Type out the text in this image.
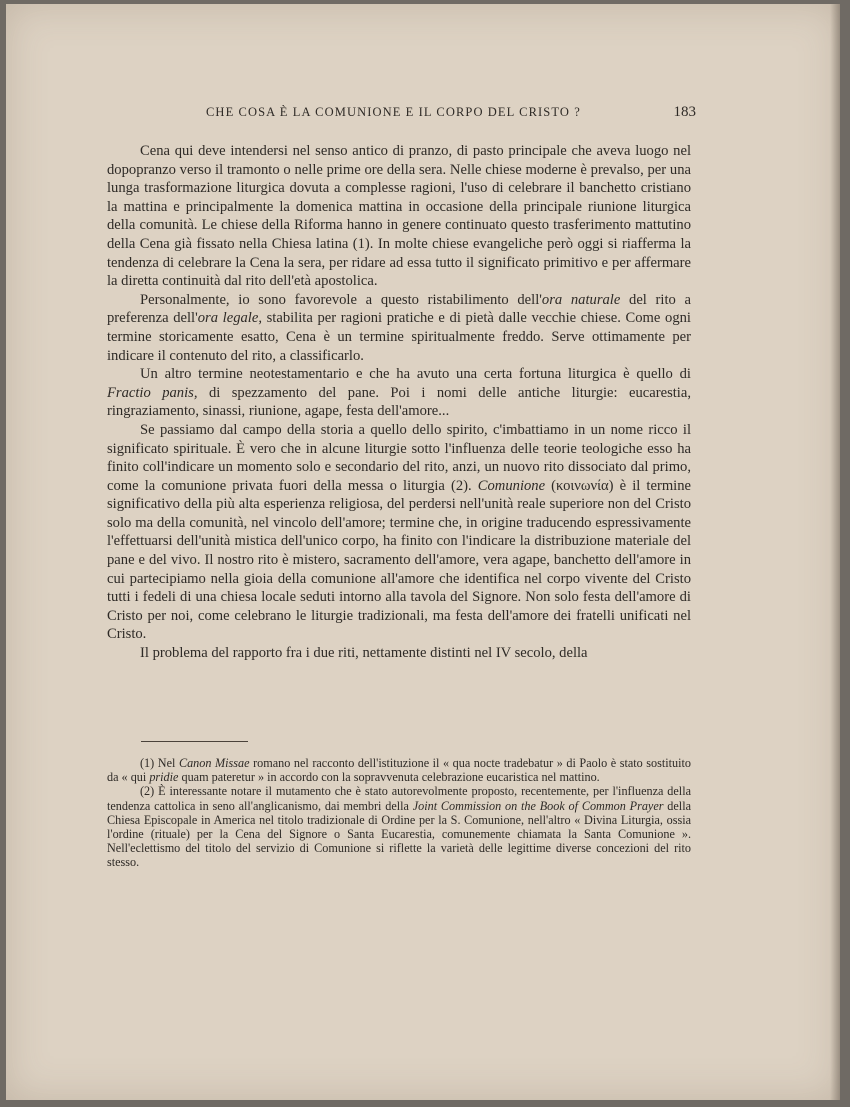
CHE COSA È LA COMUNIONE E IL CORPO DEL CRISTO ?	183

Cena qui deve intendersi nel senso antico di pranzo, di pasto principale che aveva luogo nel dopopranzo verso il tramonto o nelle prime ore della sera. Nelle chiese moderne è prevalso, per una lunga trasformazione liturgica dovuta a complesse ragioni, l'uso di celebrare il banchetto cristiano la mattina e principalmente la domenica mattina in occasione della principale riunione liturgica della comunità. Le chiese della Riforma hanno in genere continuato questo trasferimento mattutino della Cena già fissato nella Chiesa latina (1). In molte chiese evangeliche però oggi si riafferma la tendenza di celebrare la Cena la sera, per ridare ad essa tutto il significato primitivo e per affermare la diretta continuità dal rito dell'età apostolica.

Personalmente, io sono favorevole a questo ristabilimento dell'ora naturale del rito a preferenza dell'ora legale, stabilita per ragioni pratiche e di pietà dalle vecchie chiese. Come ogni termine storicamente esatto, Cena è un termine spiritualmente freddo. Serve ottimamente per indicare il contenuto del rito, a classificarlo.

Un altro termine neotestamentario e che ha avuto una certa fortuna liturgica è quello di Fractio panis, di spezzamento del pane. Poi i nomi delle antiche liturgie: eucarestia, ringraziamento, sinassi, riunione, agape, festa dell'amore...

Se passiamo dal campo della storia a quello dello spirito, c'imbattiamo in un nome ricco il significato spirituale. È vero che in alcune liturgie sotto l'influenza delle teorie teologiche esso ha finito coll'indicare un momento solo e secondario del rito, anzi, un nuovo rito dissociato dal primo, come la comunione privata fuori della messa o liturgia (2). Comunione (κοινωνία) è il termine significativo della più alta esperienza religiosa, del perdersi nell'unità reale superiore non del Cristo solo ma della comunità, nel vincolo dell'amore; termine che, in origine traducendo espressivamente l'effettuarsi dell'unità mistica dell'unico corpo, ha finito con l'indicare la distribuzione materiale del pane e del vivo. Il nostro rito è mistero, sacramento dell'amore, vera agape, banchetto dell'amore in cui partecipiamo nella gioia della comunione all'amore che identifica nel corpo vivente del Cristo tutti i fedeli di una chiesa locale seduti intorno alla tavola del Signore. Non solo festa dell'amore di Cristo per noi, come celebrano le liturgie tradizionali, ma festa dell'amore dei fratelli unificati nel Cristo.

Il problema del rapporto fra i due riti, nettamente distinti nel IV secolo, della

(1) Nel Canon Missae romano nel racconto dell'istituzione il « qua nocte tradebatur » di Paolo è stato sostituito da « qui pridie quam pateretur » in accordo con la sopravvenuta celebrazione eucaristica nel mattino.

(2) È interessante notare il mutamento che è stato autorevolmente proposto, recentemente, per l'influenza della tendenza cattolica in seno all'anglicanismo, dai membri della Joint Commission on the Book of Common Prayer della Chiesa Episcopale in America nel titolo tradizionale di Ordine per la S. Comunione, nell'altro « Divina Liturgia, ossia l'ordine (rituale) per la Cena del Signore o Santa Eucarestia, comunemente chiamata la Santa Comunione ». Nell'eclettismo del titolo del servizio di Comunione si riflette la varietà delle legittime diverse concezioni del rito stesso.
